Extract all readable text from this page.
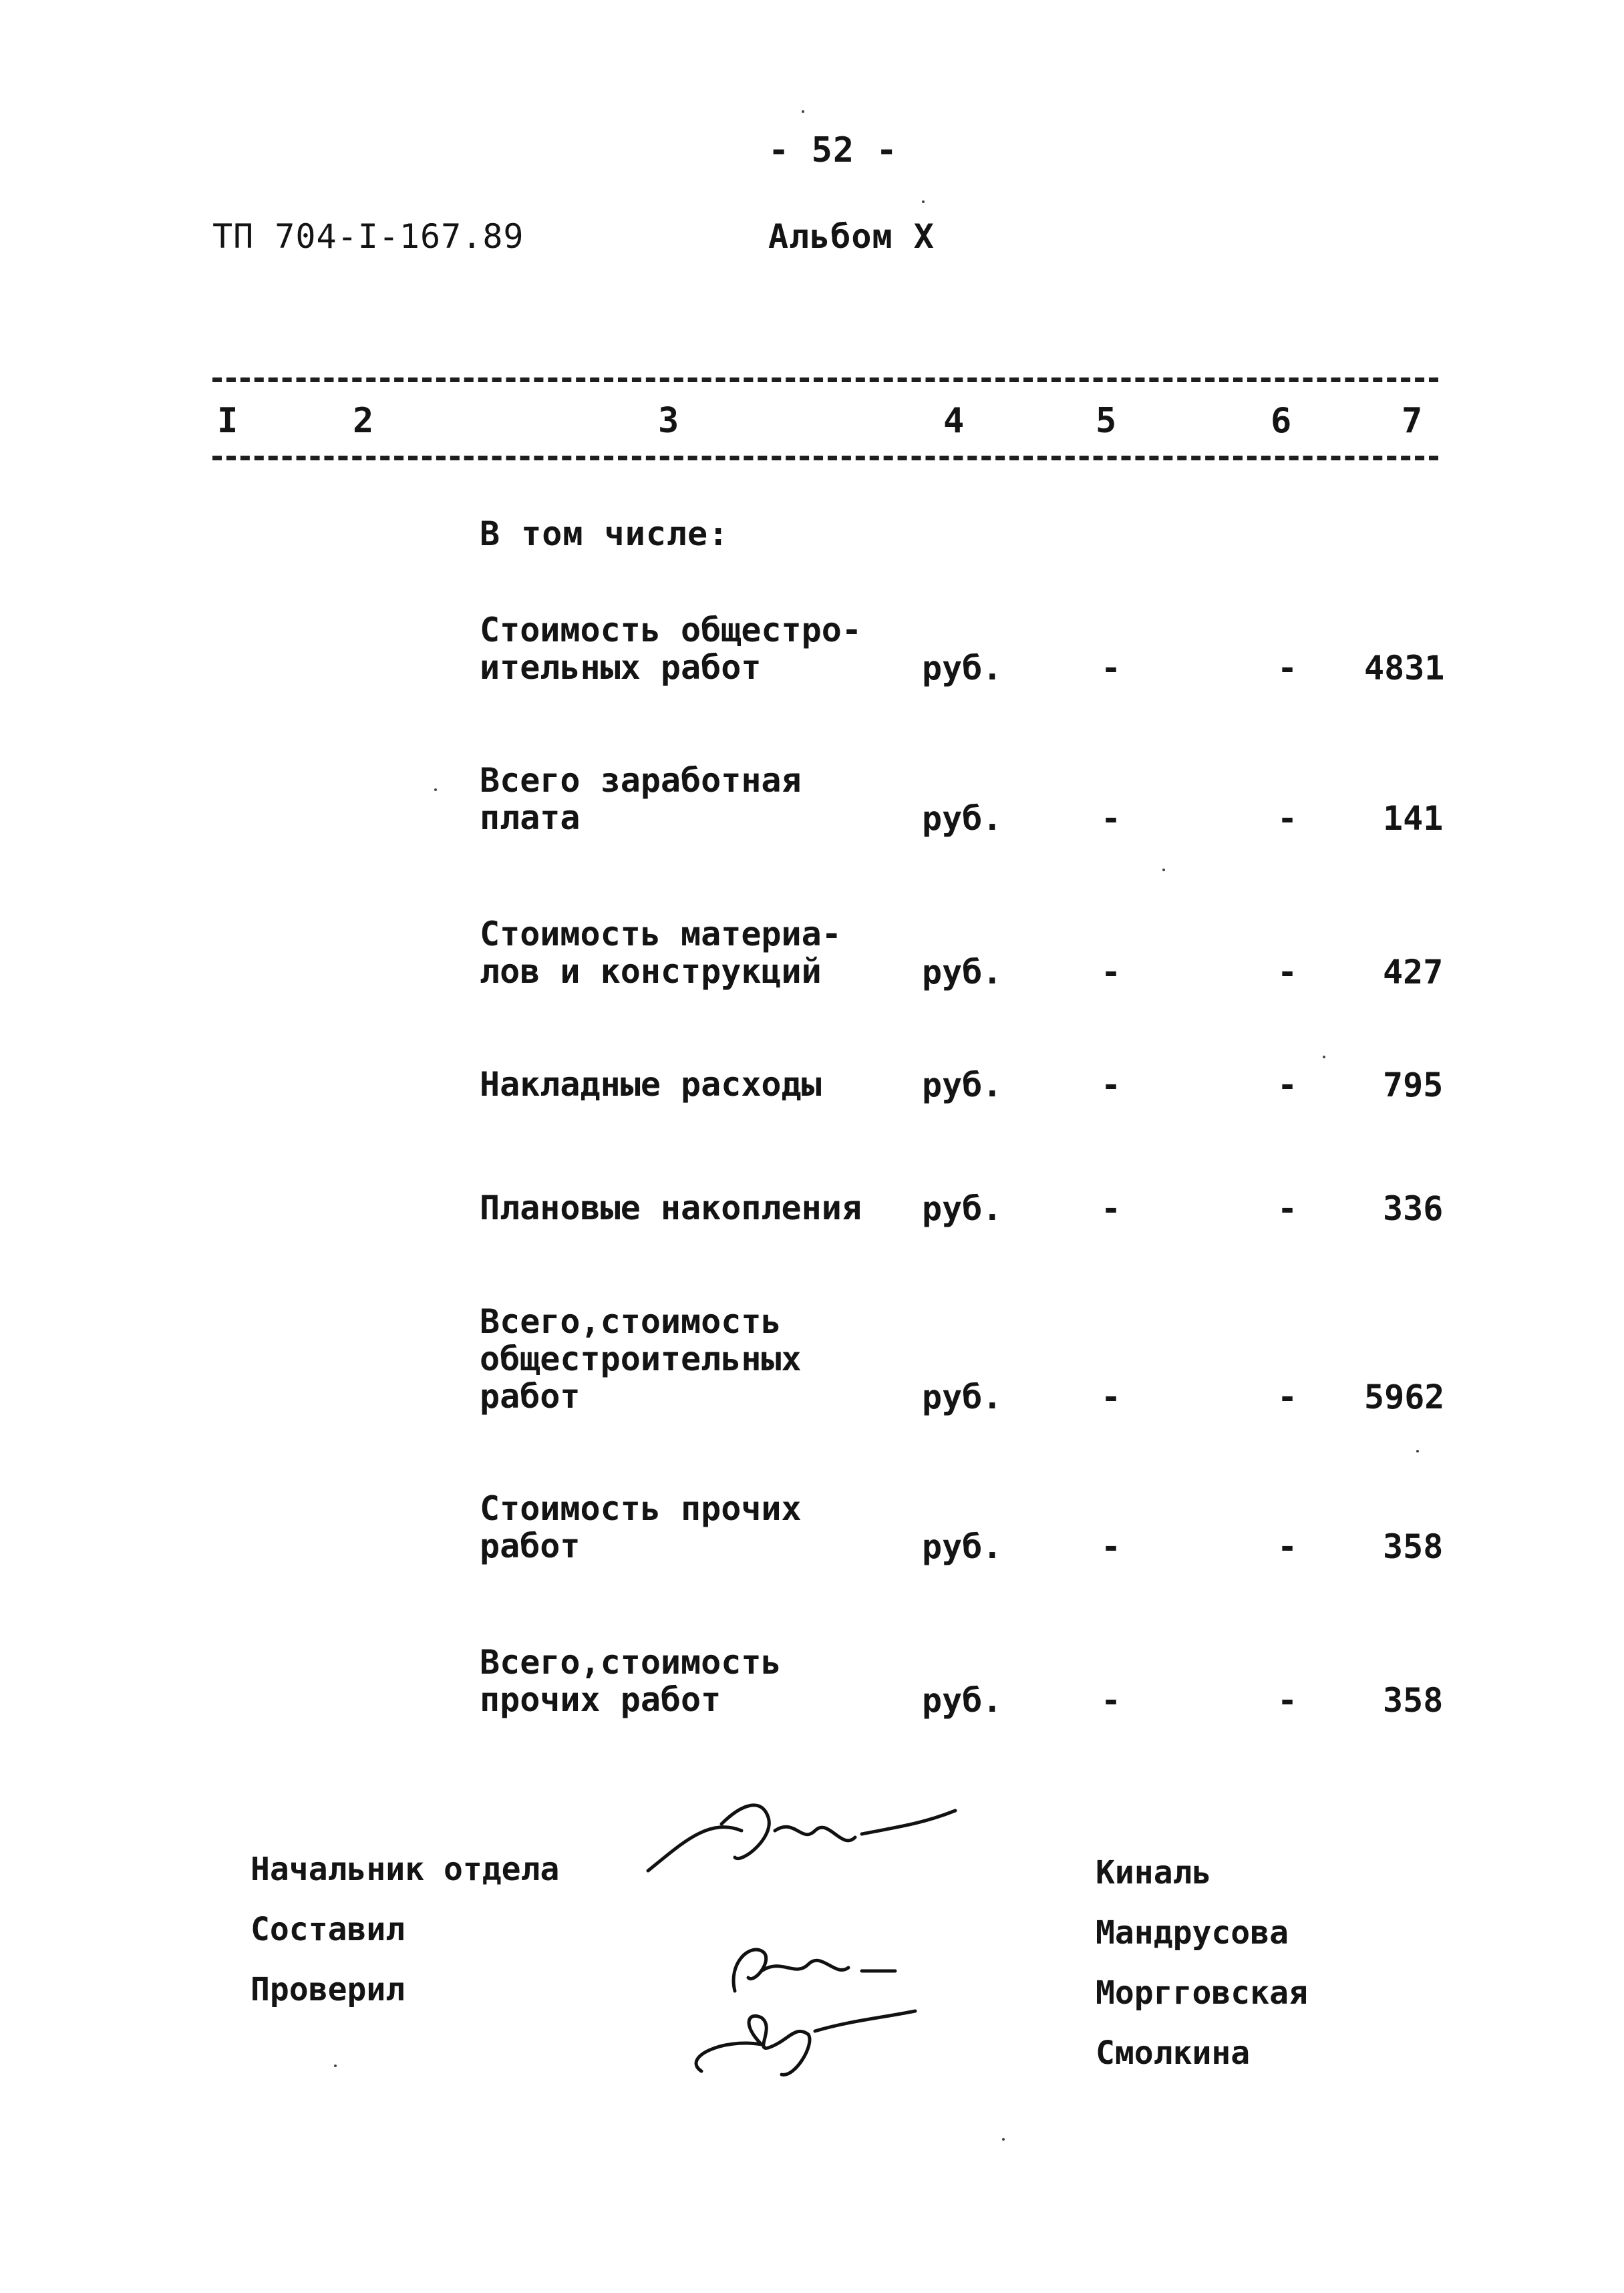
- 52 -
ТП 704-I-167.89	Альбом X
I	2	3	4	5	6	7
В том числе:
Стоимость общестро-
ительных работ	руб.	-	- 4831
Всего заработная
плата	руб.	-	-	141
Стоимость материа-
лов и конструкций	руб.	-	-	427
Накладные расходы	руб.	-	-	795
Плановые накопления руб.	-	-	336
Всего,стоимость
общестроительных
работ	руб.	-	- 5962
Стоимость прочих
работ	руб.	-	-	358
Всего,стоимость
прочих работ	руб.	-	-	358
Начальник отдела
Составил
Проверил
Киналь
Мандрусова
Моргговская
Смолкина
